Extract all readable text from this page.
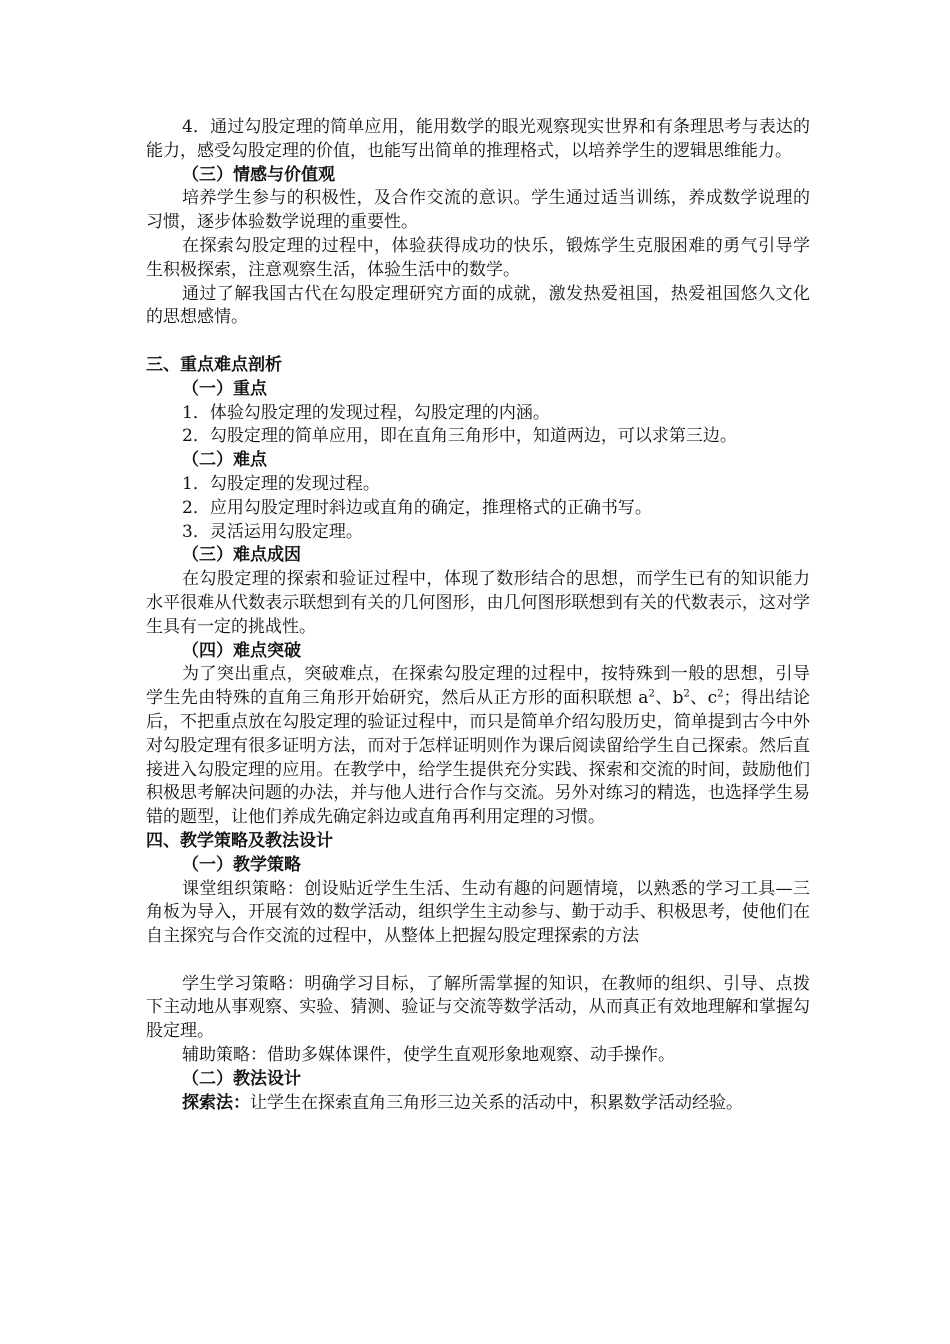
4．通过勾股定理的简单应用，能用数学的眼光观察现实世界和有条理思考与表达的能力，感受勾股定理的价值，也能写出简单的推理格式，以培养学生的逻辑思维能力。

（三）情感与价值观

培养学生参与的积极性，及合作交流的意识。学生通过适当训练，养成数学说理的习惯，逐步体验数学说理的重要性。

在探索勾股定理的过程中，体验获得成功的快乐，锻炼学生克服困难的勇气引导学生积极探索，注意观察生活，体验生活中的数学。

通过了解我国古代在勾股定理研究方面的成就，激发热爱祖国，热爱祖国悠久文化的思想感情。

三、重点难点剖析

（一）重点

1．体验勾股定理的发现过程，勾股定理的内涵。

2．勾股定理的简单应用，即在直角三角形中，知道两边，可以求第三边。

（二）难点

1．勾股定理的发现过程。

2．应用勾股定理时斜边或直角的确定，推理格式的正确书写。

3．灵活运用勾股定理。

（三）难点成因

在勾股定理的探索和验证过程中，体现了数形结合的思想，而学生已有的知识能力水平很难从代数表示联想到有关的几何图形，由几何图形联想到有关的代数表示，这对学生具有一定的挑战性。

（四）难点突破

为了突出重点，突破难点，在探索勾股定理的过程中，按特殊到一般的思想，引导学生先由特殊的直角三角形开始研究，然后从正方形的面积联想 $a^2$、$b^2$、$c^2$；得出结论后，不把重点放在勾股定理的验证过程中，而只是简单介绍勾股历史，简单提到古今中外对勾股定理有很多证明方法，而对于怎样证明则作为课后阅读留给学生自己探索。然后直接进入勾股定理的应用。在教学中，给学生提供充分实践、探索和交流的时间，鼓励他们积极思考解决问题的办法，并与他人进行合作与交流。另外对练习的精选，也选择学生易错的题型，让他们养成先确定斜边或直角再利用定理的习惯。

四、教学策略及教法设计

（一）教学策略

课堂组织策略：创设贴近学生生活、生动有趣的问题情境，以熟悉的学习工具—三角板为导入，开展有效的数学活动，组织学生主动参与、勤于动手、积极思考，使他们在自主探究与合作交流的过程中，从整体上把握勾股定理探索的方法

学生学习策略：明确学习目标，了解所需掌握的知识，在教师的组织、引导、点拨下主动地从事观察、实验、猜测、验证与交流等数学活动，从而真正有效地理解和掌握勾股定理。

辅助策略：借助多媒体课件，使学生直观形象地观察、动手操作。

（二）教法设计

探索法：让学生在探索直角三角形三边关系的活动中，积累数学活动经验。
